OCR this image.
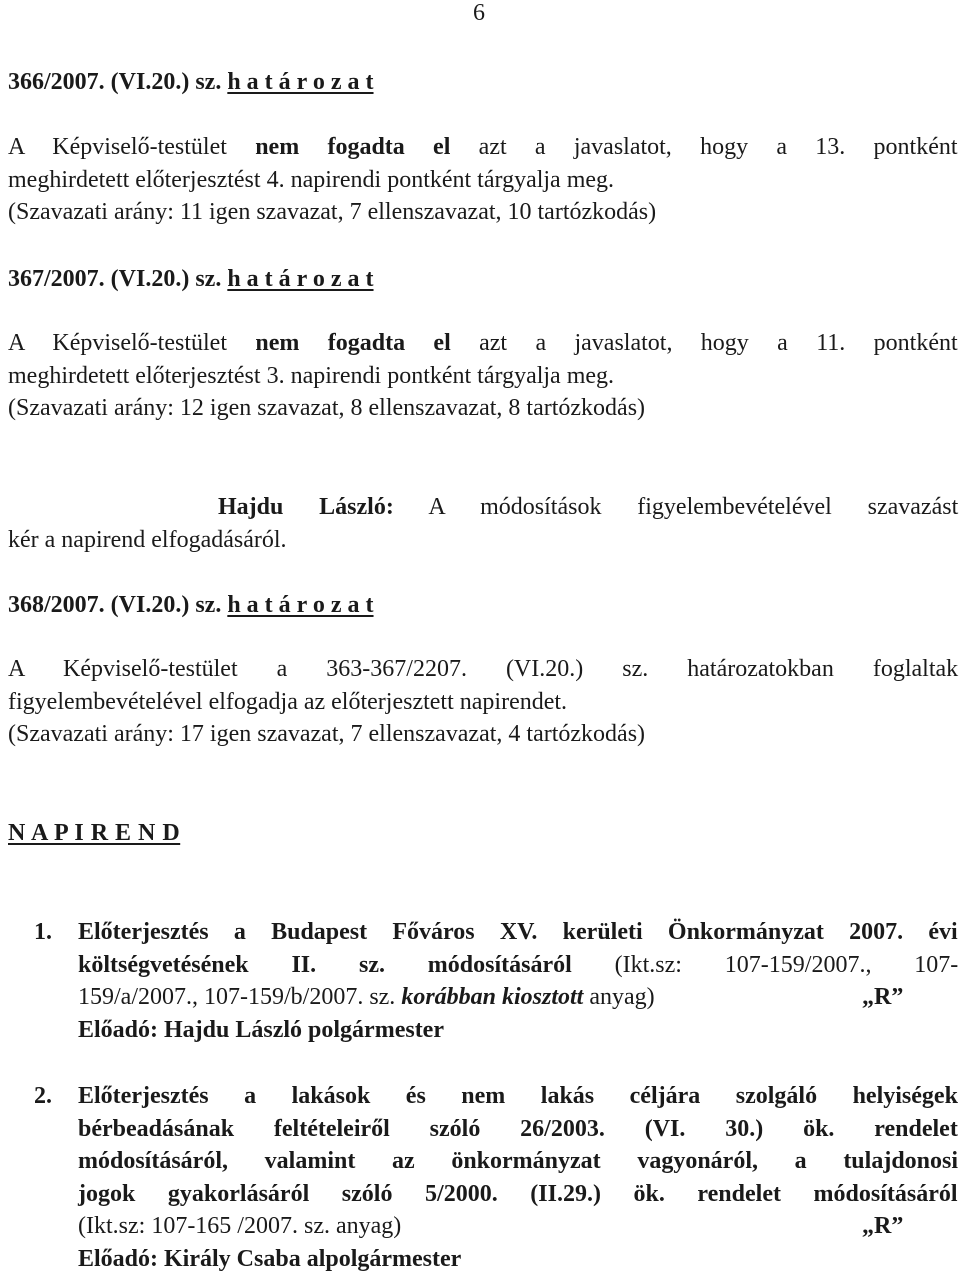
6
366/2007. (VI.20.) sz. h a t á r o z a t
A Képviselő-testület nem fogadta el azt a javaslatot, hogy a 13. pontként
meghirdetett előterjesztést 4. napirendi pontként tárgyalja meg.
(Szavazati arány: 11 igen szavazat, 7 ellenszavazat, 10 tartózkodás)
367/2007. (VI.20.) sz. h a t á r o z a t
A Képviselő-testület nem fogadta el azt a javaslatot, hogy a 11. pontként
meghirdetett előterjesztést 3. napirendi pontként tárgyalja meg.
(Szavazati arány: 12 igen szavazat, 8 ellenszavazat, 8 tartózkodás)
Hajdu László: A módosítások figyelembevételével szavazást
kér a napirend elfogadásáról.
368/2007. (VI.20.) sz. h a t á r o z a t
A Képviselő-testület a 363-367/2207. (VI.20.) sz. határozatokban foglaltak
figyelembevételével elfogadja az előterjesztett napirendet.
(Szavazati arány: 17 igen szavazat, 7 ellenszavazat, 4 tartózkodás)
N A P I R E N D
1. Előterjesztés a Budapest Főváros XV. kerületi Önkormányzat 2007. évi
költségvetésének II. sz. módosításáról (Ikt.sz: 107-159/2007., 107-
159/a/2007., 107-159/b/2007. sz. korábban kiosztott anyag)	„R”
Előadó: Hajdu László polgármester
2. Előterjesztés a lakások és nem lakás céljára szolgáló helyiségek
bérbeadásának feltételeiről szóló 26/2003. (VI. 30.) ök. rendelet
módosításáról, valamint az önkormányzat vagyonáról, a tulajdonosi
jogok gyakorlásáról szóló 5/2000. (II.29.) ök. rendelet módosításáról
(Ikt.sz: 107-165 /2007. sz. anyag)	„R”
Előadó: Király Csaba alpolgármester
